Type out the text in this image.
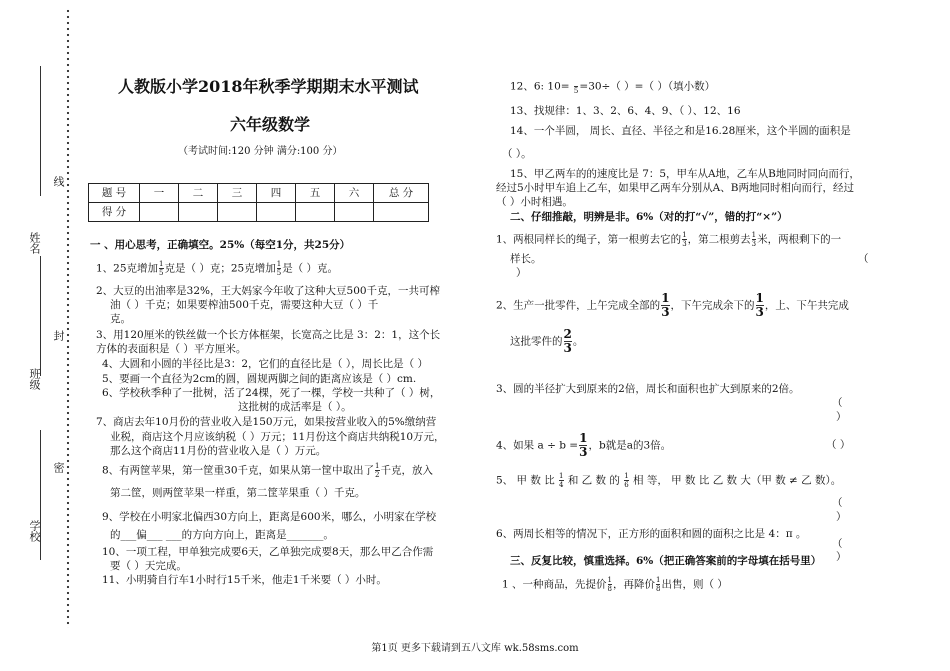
姓名
线
班级
封
学校
密
人教版小学2018年秋季学期期末水平测试
六年级数学
（考试时间:120 分钟 满分:100 分）
题 号	一	二	三	四	五	六	总 分
得 分							
一 、用心思考，正确填空。25%（每空1分，共25分）
1、25克增加 $\frac{1}{5}$ 克是（ ）克；25克增加 $\frac{1}{5}$ 是（ ）克。
2、大豆的出油率是32%，王大妈家今年收了这种大豆500千克，一共可榨
油（ ）千克；如果要榨油500千克，需要这种大豆（ ）千
克。
3、用120厘米的铁丝做一个长方体框架，长宽高之比是 3：2：1，这个长
方体的表面积是（ ）平方厘米。
4、大圆和小圆的半径比是3：2，它们的直径比是（ ），周长比是（ ）
5、要画一个直径为2cm的圆，圆规两脚之间的距离应该是（ ）cm.
6、学校秋季种了一批树，活了24棵，死了一棵，学校一共种了（ ）树，
这批树的成活率是（ ）。
7、商店去年10月份的营业收入是150万元，如果按营业收入的5%缴纳营
业税，商店这个月应该纳税（ ）万元；11月份这个商店共纳税10万元，
那么这个商店11月份的营业收入是（ ）万元。
8、有两筐苹果，第一筐重30千克，如果从第一筐中取出了 $\frac{1}{2}$ 千克，放入
第二筐，则两筐苹果一样重，第二筐苹果重（ ）千克。
9、学校在小明家北偏西30方向上，距离是600米，哪么，小明家在学校
的___偏___ ___的方向方向上，距离是_______。
10、一项工程，甲单独完成要6天，乙单独完成要8天，那么甲乙合作需
要（ ）天完成。
11、小明骑自行车1小时行15千米，他走1千米要（ ）小时。
12、6: 10=
5 =30÷（ ）=（ ）（填小数）
13、找规律：1、3、2、6、4、9、（ ）、12、16
14、一个半圆， 周长、直径、半径之和是16.28厘米，这个半圆的面积是
（ ）。
15、甲乙两车的的速度比是 7：5，甲车从A地，乙车从B地同时同向而行，
经过5小时甲车追上乙车，如果甲乙两车分别从A、B两地同时相向而行，经过
（ ）小时相遇。
二、仔细推敲，明辨是非。6%（对的打“√”，错的打“×”）
1、两根同样长的绳子，第一根剪去它的 $\frac{1}{3}$ ，第二根剪去 $\frac{1}{3}$ 米，两根剩下的一
样长。	（
）
2、生产一批零件，上午完成全部的 $\frac{1}{3}$ ，下午完成余下的 $\frac{1}{3}$ ，上、下午共完成
这批零件的 $\frac{2}{3}$ 。
3、圆的半径扩大到原来的2倍，周长和面积也扩大到原来的2倍。
（
）
4、如果 $a \div b = \frac{1}{3}$ ，b就是a的3倍。	（ ）
5、 甲 数 比 $\frac{1}{4}$ 和 乙 数 的 $\frac{1}{6}$ 相 等， 甲 数 比 乙 数 大（甲 数 ≠ 乙 数）。
（
）
6、两周长相等的情况下，正方形的面积和圆的面积之比是 4：π 。
（
）
三、反复比较，慎重选择。6%（把正确答案前的字母填在括号里）
1 、一种商品，先提价 $\frac{1}{8}$ ，再降价 $\frac{1}{8}$ 出售，则（ ）
第1页 更多下载请到五八文库 wk.58sms.com
